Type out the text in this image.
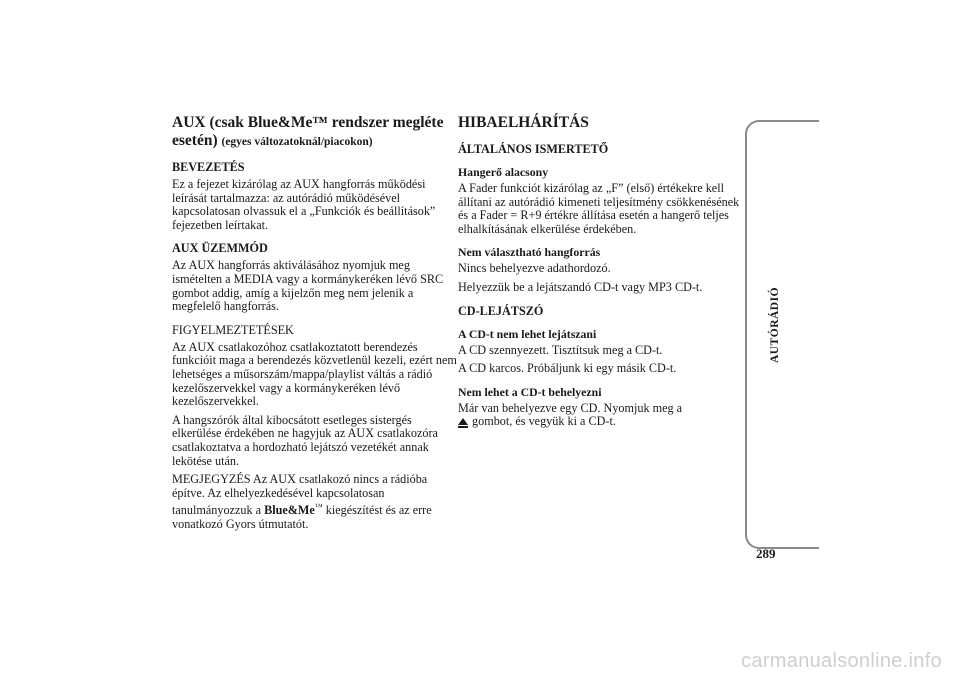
AUX (csak Blue&Me™ rendszer megléte esetén) (egyes változatoknál/piacokon)

BEVEZETÉS

Ez a fejezet kizárólag az AUX hangforrás működési leírását tartalmazza: az autórádió működésével kapcsolatosan olvassuk el a „Funkciók és beállítások” fejezetben leírtakat.

AUX ÜZEMMÓD

Az AUX hangforrás aktiválásához nyomjuk meg ismételten a MEDIA vagy a kormánykeréken lévő SRC gombot addig, amíg a kijelzőn meg nem jelenik a megfelelő hangforrás.

FIGYELMEZTETÉSEK

Az AUX csatlakozóhoz csatlakoztatott berendezés funkcióit maga a berendezés közvetlenül kezeli, ezért nem lehetséges a műsorszám/mappa/playlist váltás a rádió kezelőszervekkel vagy a kormánykeréken lévő kezelőszervekkel.

A hangszórók által kibocsátott esetleges sistergés elkerülése érdekében ne hagyjuk az AUX csatlakozóra csatlakoztatva a hordozható lejátszó vezetékét annak lekötése után.

MEGJEGYZÉS Az AUX csatlakozó nincs a rádióba építve. Az elhelyezkedésével kapcsolatosan tanulmányozzuk a Blue&Me™ kiegészítést és az erre vonatkozó Gyors útmutatót.

HIBAELHÁRÍTÁS

ÁLTALÁNOS ISMERTETŐ

Hangerő alacsony

A Fader funkciót kizárólag az „F” (első) értékekre kell állítani az autórádió kimeneti teljesítmény csökkenésének és a Fader = R+9 értékre állítása esetén a hangerő teljes elhalkításának elkerülése érdekében.

Nem választható hangforrás

Nincs behelyezve adathordozó.

Helyezzük be a lejátszandó CD-t vagy MP3 CD-t.

CD-LEJÁTSZÓ

A CD-t nem lehet lejátszani

A CD szennyezett. Tisztítsuk meg a CD-t.

A CD karcos. Próbáljunk ki egy másik CD-t.

Nem lehet a CD-t behelyezni

Már van behelyezve egy CD. Nyomjuk meg a
gombot, és vegyük ki a CD-t.

AUTÓRÁDIÓ
289
carmanualsonline.info
